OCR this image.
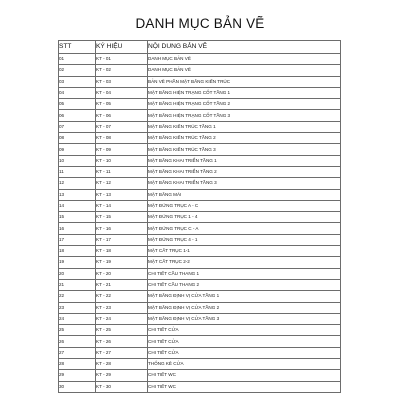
DANH MỤC BẢN VẼ
STT	KÝ HIỆU	NỘI DUNG BẢN VẼ
01	KT - 01	DANH MỤC BẢN VẼ
02	KT - 02	DANH MỤC BẢN VẼ
03	KT - 03	BẢN VẼ PHẦN MẶT BẰNG KIẾN TRÚC
04	KT - 04	MẶT BẰNG HIỆN TRẠNG CỐT TẦNG 1
05	KT - 05	MẶT BẰNG HIỆN TRẠNG CỐT TẦNG 2
06	KT - 06	MẶT BẰNG HIỆN TRẠNG CỐT TẦNG 3
07	KT - 07	MẶT BẰNG KIẾN TRÚC TẦNG 1
08	KT - 08	MẶT BẰNG KIẾN TRÚC TẦNG 2
09	KT - 09	MẶT BẰNG KIẾN TRÚC TẦNG 3
10	KT - 10	MẶT BẰNG KHAI TRIỂN TẦNG 1
11	KT - 11	MẶT BẰNG KHAI TRIỂN TẦNG 2
12	KT - 12	MẶT BẰNG KHAI TRIỂN TẦNG 3
13	KT - 13	MẶT BẰNG MÁI
14	KT - 14	MẶT ĐỨNG TRỤC A - C
15	KT - 15	MẶT ĐỨNG TRỤC 1 - 4
16	KT - 16	MẶT ĐỨNG TRỤC C - A
17	KT - 17	MẶT ĐỨNG TRỤC 4 - 1
18	KT - 18	MẶT CẮT TRỤC 1-1
19	KT - 19	MẶT CẮT TRỤC 2-2
20	KT - 20	CHI TIẾT CẦU THANG 1
21	KT - 21	CHI TIẾT CẦU THANG 2
22	KT - 22	MẶT BẰNG ĐỊNH VỊ CỬA TẦNG 1
23	KT - 23	MẶT BẰNG ĐỊNH VỊ CỬA TẦNG 2
24	KT - 24	MẶT BẰNG ĐỊNH VỊ CỬA TẦNG 3
25	KT - 25	CHI TIẾT CỬA
26	KT - 26	CHI TIẾT CỬA
27	KT - 27	CHI TIẾT CỬA
28	KT - 28	THỐNG KÊ CỬA
29	KT - 29	CHI TIẾT WC
30	KT - 30	CHI TIẾT WC
